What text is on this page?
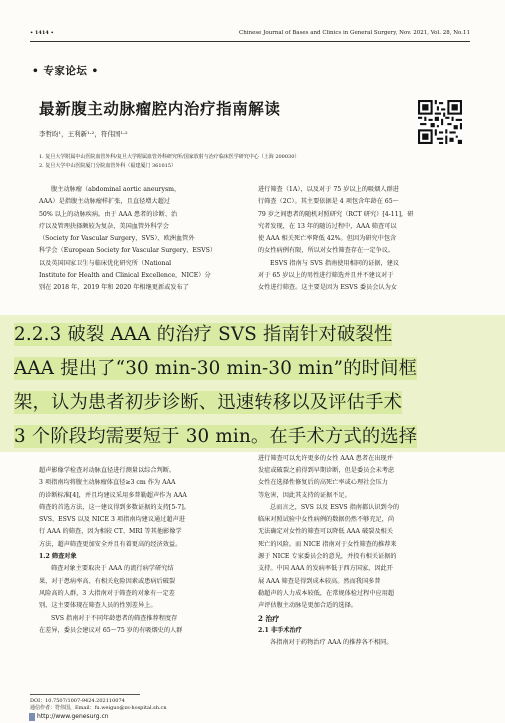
• 1414 •	Chinese Journal of Bases and Clinics in General Surgery, Nov. 2021, Vol. 28, No.11
• 专家论坛 •
最新腹主动脉瘤腔内治疗指南解读
李哲昀¹，王利新¹·²，符伟国¹·²
1. 复旦大学附属中山医院血管外科/复旦大学附属血管外科研究所/国家放射与治疗临床医学研究中心（上海 200030）
2. 复旦大学中山医院厦门分院血管外科（福建厦门 361015）

腹主动脉瘤（abdominal aortic aneurysm，

AAA）是指腹主动脉瘤样扩张，且直径增大超过

50% 以上的动脉疾病。由于 AAA 患者的诊断、治

疗以及管理抉择颇较为复杂，美国血管外科学会

（Society for Vascular Surgery，SVS）、欧洲血管外

科学会（European Society for Vascular Surgery，ESVS）

以及英国国家卫生与临床优化研究所（National

Institute for Health and Clinical Excellence，NICE）分

别在 2018 年、2019 年和 2020 年相继更新或发布了

进行筛查（1A），以及对于 75 岁以上的吸烟人群进

行筛查（2C）。其主要依据是 4 项包含年龄在 65～

79 岁之间患者的随机对照研究（RCT 研究）[4-11]，研

究者发现，在 13 年的随访过程中，AAA 筛查可以

使 AAA 相关死亡率降低 42%。但因为研究中包含

的女性病例有限，所以对女性筛查存在一定争议。

ESVS 指南与 SVS 指南使用相同的证据，建议

对于 65 岁以上的男性进行筛选并且并不建议对于

女性进行筛查。这主要是因为 ESVS 委员会认为女

2.2.3 破裂 AAA 的治疗 SVS 指南针对破裂性
AAA 提出了“30 min-30 min-30 min”的时间框
架，认为患者初步诊断、迅速转移以及评估手术
3 个阶段均需要短于 30 min。在手术方式的选择

进行筛查可以允许更多的女性 AAA 患者在出现并

超声影像学检查对动脉直径进行测量以综合判断。

3 项指南均将腹主动脉瘤体直径≥3 cm 作为 AAA

的诊断标准[4]，并且均建议采用多普勒超声作为 AAA

筛查的首选方法，这一建议得到多数证据的支持[5-7]。

SVS、ESVS 以及 NICE 3 项指南均建议通过超声进

行 AAA 的筛查，因为相较 CT、MRI 等其他影像学

方法，超声筛查更加安全并且有着更高的经济效益。

1.2 筛查对象

筛查对象主要取决于 AAA 的流行病学研究结

果，对于患病率高、有相关危险因素或患病后破裂

风险高的人群，3 大指南对于筛查的对象有一定差

别，这主要体现在筛查人员的性别差异上。

SVS 指南对于不同年龄患者的筛查推荐程度存

在差异，委员会建议对 65～75 岁的有吸烟史的人群

发症或破裂之前得到早期诊断，但是委员会未考虑

女性在选择性修复后的高死亡率或心理社会压力

等危害，因此其支持的证据不足。

总而言之，SVS 以及 ESVS 指南都认识到今的

临床对照试验中女性病例的数据仍然不够充足，尚

无法确定对女性的筛查可以降低 AAA 破裂及相关

死亡的风险。而 NICE 指南对于女性筛查的推荐来

源于 NICE 专家委员会的意见，并投有相关证据的

支持。中国 AAA 的发病率低于西方国家，因此开

展 AAA 筛查是得到成本较高。然而我国多普

勒超声的人力成本较低，在常规体检过程中应用超

声评估腹主动脉是更加合适的选择。

2 治疗

2.1 非手术治疗

各指南对于药物治疗 AAA 的推荐各不相同。

DOI：10.7507/1007-9424.202110074
通信作者：符伟国，Email：fu.weiguo@zs-hospital.sh.cn
http://www.genesurg.cn
